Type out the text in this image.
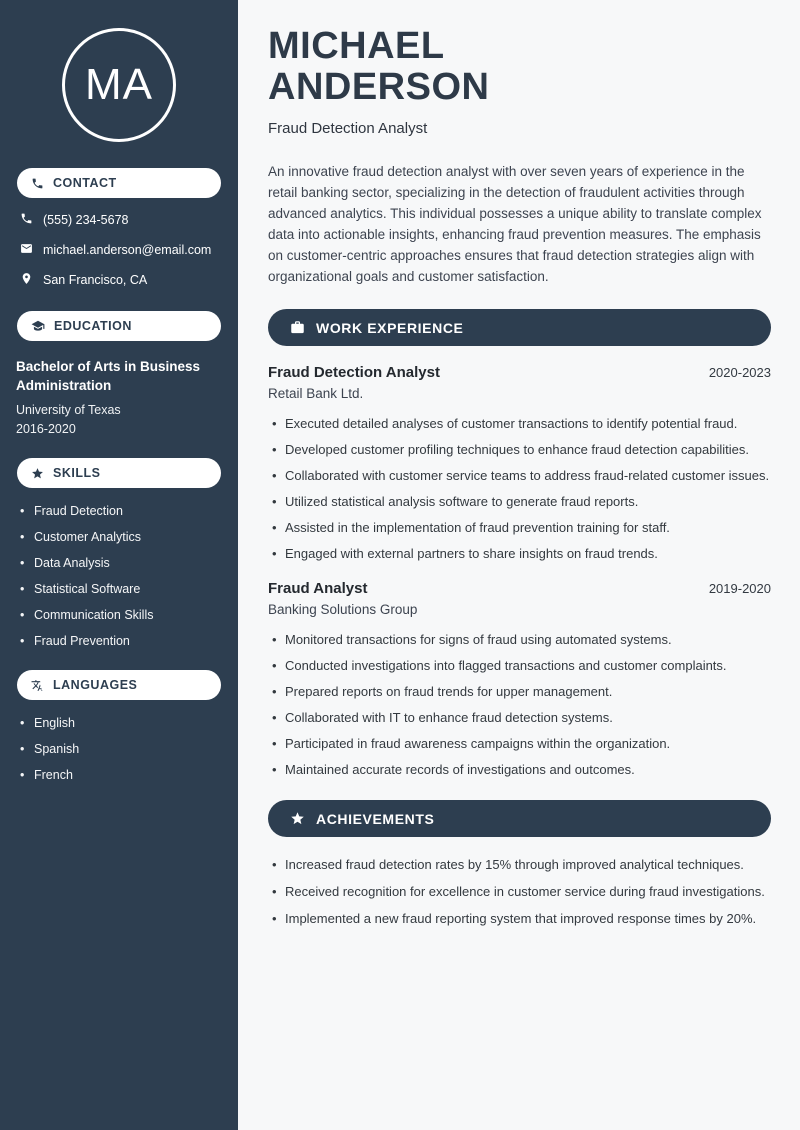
MA
CONTACT
(555) 234-5678
michael.anderson@email.com
San Francisco, CA
EDUCATION
Bachelor of Arts in Business Administration
University of Texas
2016-2020
SKILLS
• Fraud Detection
• Customer Analytics
• Data Analysis
• Statistical Software
• Communication Skills
• Fraud Prevention
LANGUAGES
• English
• Spanish
• French
MICHAEL ANDERSON
Fraud Detection Analyst

An innovative fraud detection analyst with over seven years of experience in the retail banking sector, specializing in the detection of fraudulent activities through advanced analytics. This individual possesses a unique ability to translate complex data into actionable insights, enhancing fraud prevention measures. The emphasis on customer-centric approaches ensures that fraud detection strategies align with organizational goals and customer satisfaction.

WORK EXPERIENCE
Fraud Detection Analyst	2020-2023
Retail Bank Ltd.
• Executed detailed analyses of customer transactions to identify potential fraud.
• Developed customer profiling techniques to enhance fraud detection capabilities.
• Collaborated with customer service teams to address fraud-related customer issues.
• Utilized statistical analysis software to generate fraud reports.
• Assisted in the implementation of fraud prevention training for staff.
• Engaged with external partners to share insights on fraud trends.
Fraud Analyst	2019-2020
Banking Solutions Group
• Monitored transactions for signs of fraud using automated systems.
• Conducted investigations into flagged transactions and customer complaints.
• Prepared reports on fraud trends for upper management.
• Collaborated with IT to enhance fraud detection systems.
• Participated in fraud awareness campaigns within the organization.
• Maintained accurate records of investigations and outcomes.
ACHIEVEMENTS
• Increased fraud detection rates by 15% through improved analytical techniques.
• Received recognition for excellence in customer service during fraud investigations.
• Implemented a new fraud reporting system that improved response times by 20%.
